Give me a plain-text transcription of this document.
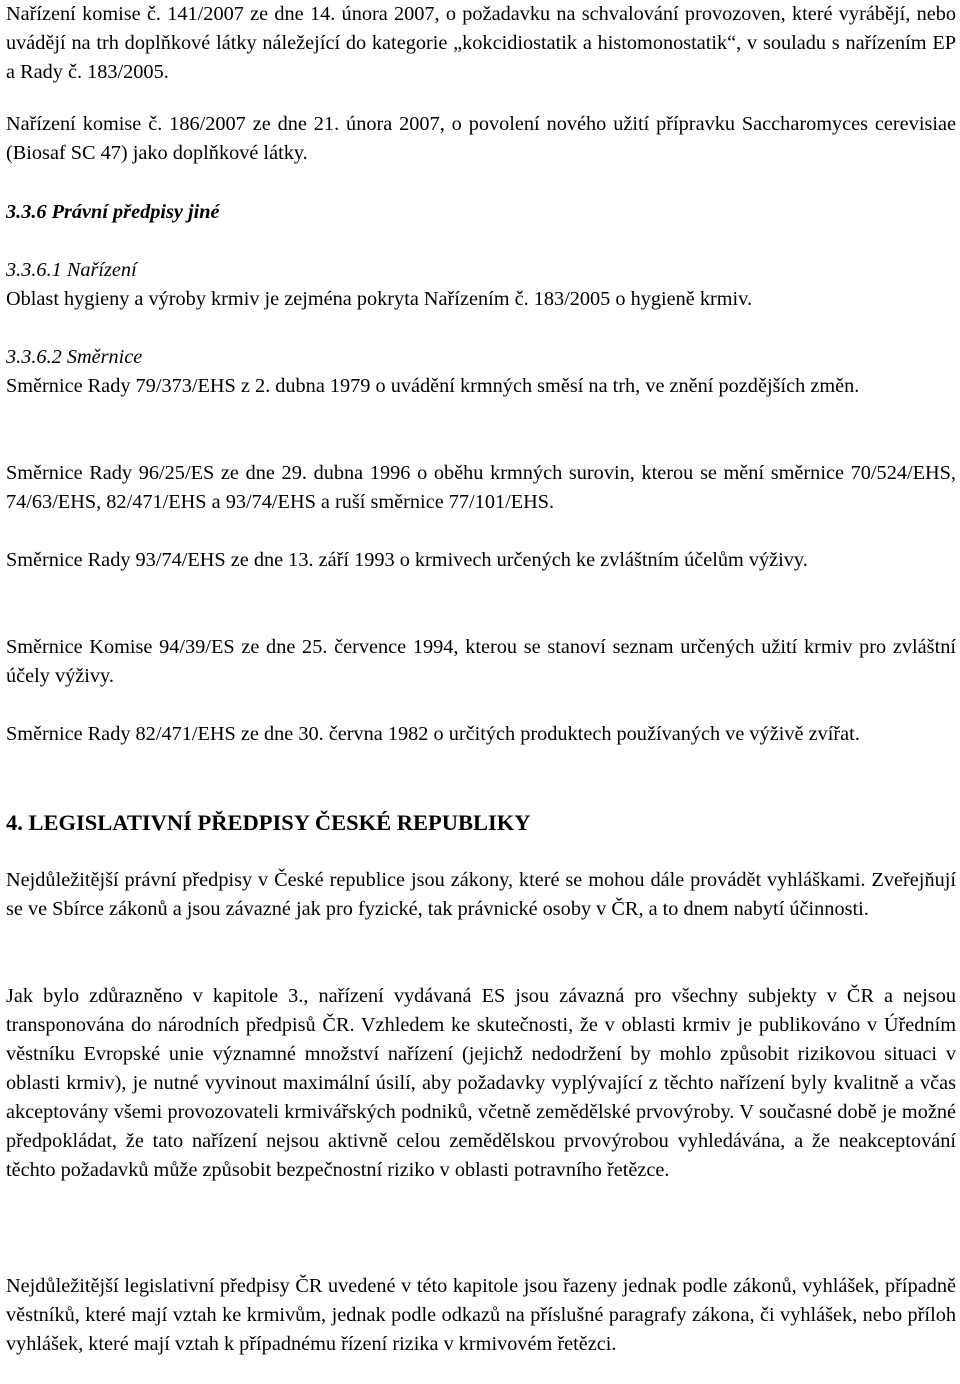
Nařízení komise č. 141/2007 ze dne 14. února 2007, o požadavku na schvalování provozoven, které vyrábějí, nebo uvádějí na trh doplňkové látky náležející do kategorie „kokcidiostatik a histomonostatik“, v souladu s nařízením EP a Rady č. 183/2005.

Nařízení komise č. 186/2007 ze dne 21. února 2007, o povolení nového užití přípravku Saccharomyces cerevisiae (Biosaf SC 47) jako doplňkové látky.

3.3.6 Právní předpisy jiné

3.3.6.1 Nařízení

Oblast hygieny a výroby krmiv je zejména pokryta Nařízením č. 183/2005 o hygieně krmiv.

3.3.6.2 Směrnice

Směrnice Rady 79/373/EHS z 2. dubna 1979 o uvádění krmných směsí na trh, ve znění pozdějších změn.

Směrnice Rady 96/25/ES ze dne 29. dubna 1996 o oběhu krmných surovin, kterou se mění směrnice 70/524/EHS, 74/63/EHS, 82/471/EHS a 93/74/EHS a ruší směrnice 77/101/EHS.

Směrnice Rady 93/74/EHS ze dne 13. září 1993 o krmivech určených ke zvláštním účelům výživy.

Směrnice Komise 94/39/ES ze dne 25. července 1994, kterou se stanoví seznam určených užití krmiv pro zvláštní účely výživy.

Směrnice Rady 82/471/EHS ze dne 30. června 1982 o určitých produktech používaných ve výživě zvířat.

4. LEGISLATIVNÍ PŘEDPISY ČESKÉ REPUBLIKY

Nejdůležitější právní předpisy v České republice jsou zákony, které se mohou dále provádět vyhláškami. Zveřejňují se ve Sbírce zákonů a jsou závazné jak pro fyzické, tak právnické osoby v ČR, a to dnem nabytí účinnosti.

Jak bylo zdůrazněno v kapitole 3., nařízení vydávaná ES jsou závazná pro všechny subjekty v ČR a nejsou transponována do národních předpisů ČR. Vzhledem ke skutečnosti, že v oblasti krmiv je publikováno v Úředním věstníku Evropské unie významné množství nařízení (jejichž nedodržení by mohlo způsobit rizikovou situaci v oblasti krmiv), je nutné vyvinout maximální úsilí, aby požadavky vyplývající z těchto nařízení byly kvalitně a včas akceptovány všemi provozovateli krmivářských podniků, včetně zemědělské prvovýroby. V současné době je možné předpokládat, že tato nařízení nejsou aktivně celou zemědělskou prvovýrobou vyhledávána, a že neakceptování těchto požadavků může způsobit bezpečnostní riziko v oblasti potravního řetězce.

Nejdůležitější legislativní předpisy ČR uvedené v této kapitole jsou řazeny jednak podle zákonů, vyhlášek, případně věstníků, které mají vztah ke krmivům, jednak podle odkazů na příslušné paragrafy zákona, či vyhlášek, nebo příloh vyhlášek, které mají vztah k případnému řízení rizika v krmivovém řetězci.
